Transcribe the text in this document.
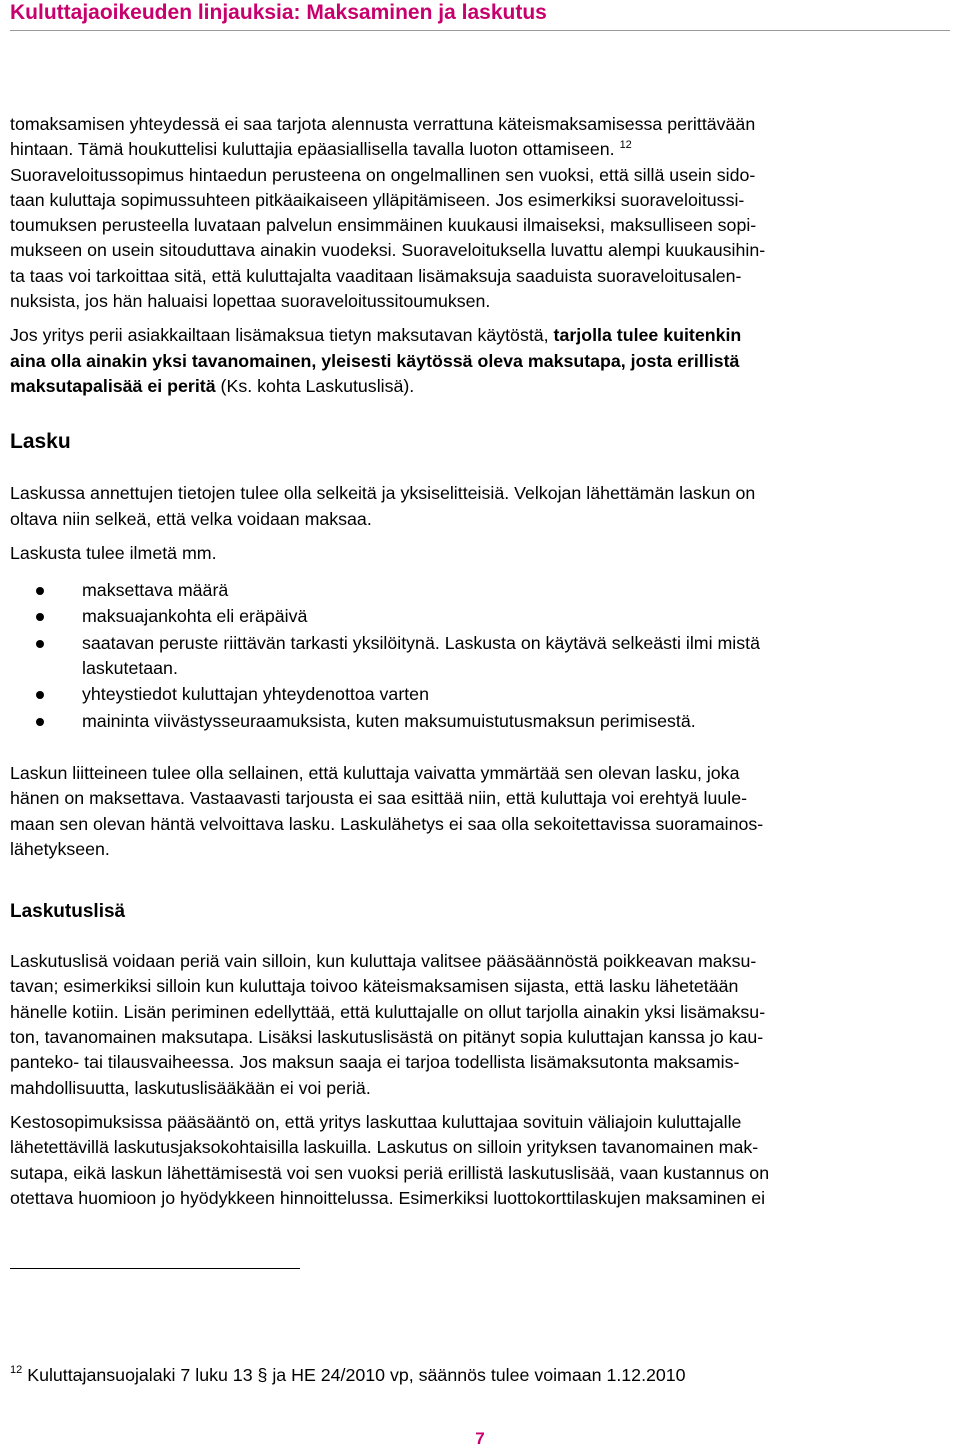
Kuluttajaoikeuden linjauksia: Maksaminen ja laskutus

tomaksamisen yhteydessä ei saa tarjota alennusta verrattuna käteismaksamisessa perittävään
hintaan. Tämä houkuttelisi kuluttajia epäasiallisella tavalla luoton ottamiseen. $^{12}$
Suoraveloitussopimus hintaedun perusteena on ongelmallinen sen vuoksi, että sillä usein sido-
taan kuluttaja sopimussuhteen pitkäaikaiseen ylläpitämiseen. Jos esimerkiksi suoraveloitussi-
toumuksen perusteella luvataan palvelun ensimmäinen kuukausi ilmaiseksi, maksulliseen sopi-
mukseen on usein sitouduttava ainakin vuodeksi. Suoraveloituksella luvattu alempi kuukausihin-
ta taas voi tarkoittaa sitä, että kuluttajalta vaaditaan lisämaksuja saaduista suoraveloitusalen-
nuksista, jos hän haluaisi lopettaa suoraveloitussitoumuksen.

Jos yritys perii asiakkailtaan lisämaksua tietyn maksutavan käytöstä, tarjolla tulee kuitenkin
aina olla ainakin yksi tavanomainen, yleisesti käytössä oleva maksutapa, josta erillistä
maksutapalisää ei peritä (Ks. kohta Laskutuslisä).

Lasku

Laskussa annettujen tietojen tulee olla selkeitä ja yksiselitteisiä. Velkojan lähettämän laskun on
oltava niin selkeä, että velka voidaan maksaa.

Laskusta tulee ilmetä mm.

maksettava määrä
maksuajankohta eli eräpäivä
saatavan peruste riittävän tarkasti yksilöitynä. Laskusta on käytävä selkeästi ilmi mistä
laskutetaan.
yhteystiedot kuluttajan yhteydenottoa varten
maininta viivästysseuraamuksista, kuten maksumuistutusmaksun perimisestä.

Laskun liitteineen tulee olla sellainen, että kuluttaja vaivatta ymmärtää sen olevan lasku, joka
hänen on maksettava. Vastaavasti tarjousta ei saa esittää niin, että kuluttaja voi erehtyä luule-
maan sen olevan häntä velvoittava lasku. Laskulähetys ei saa olla sekoitettavissa suoramainos-
lähetykseen.

Laskutuslisä

Laskutuslisä voidaan periä vain silloin, kun kuluttaja valitsee pääsäännöstä poikkeavan maksu-
tavan; esimerkiksi silloin kun kuluttaja toivoo käteismaksamisen sijasta, että lasku lähetetään
hänelle kotiin. Lisän periminen edellyttää, että kuluttajalle on ollut tarjolla ainakin yksi lisämaksu-
ton, tavanomainen maksutapa. Lisäksi laskutuslisästä on pitänyt sopia kuluttajan kanssa jo kau-
panteko- tai tilausvaiheessa. Jos maksun saaja ei tarjoa todellista lisämaksutonta maksamis-
mahdollisuutta, laskutuslisääkään ei voi periä.

Kestosopimuksissa pääsääntö on, että yritys laskuttaa kuluttajaa sovituin väliajoin kuluttajalle
lähetettävillä laskutusjaksokohtaisilla laskuilla. Laskutus on silloin yrityksen tavanomainen mak-
sutapa, eikä laskun lähettämisestä voi sen vuoksi periä erillistä laskutuslisää, vaan kustannus on
otettava huomioon jo hyödykkeen hinnoittelussa. Esimerkiksi luottokorttilaskujen maksaminen ei

$^{12}$ Kuluttajansuojalaki 7 luku 13 § ja HE 24/2010 vp, säännös tulee voimaan 1.12.2010
7
